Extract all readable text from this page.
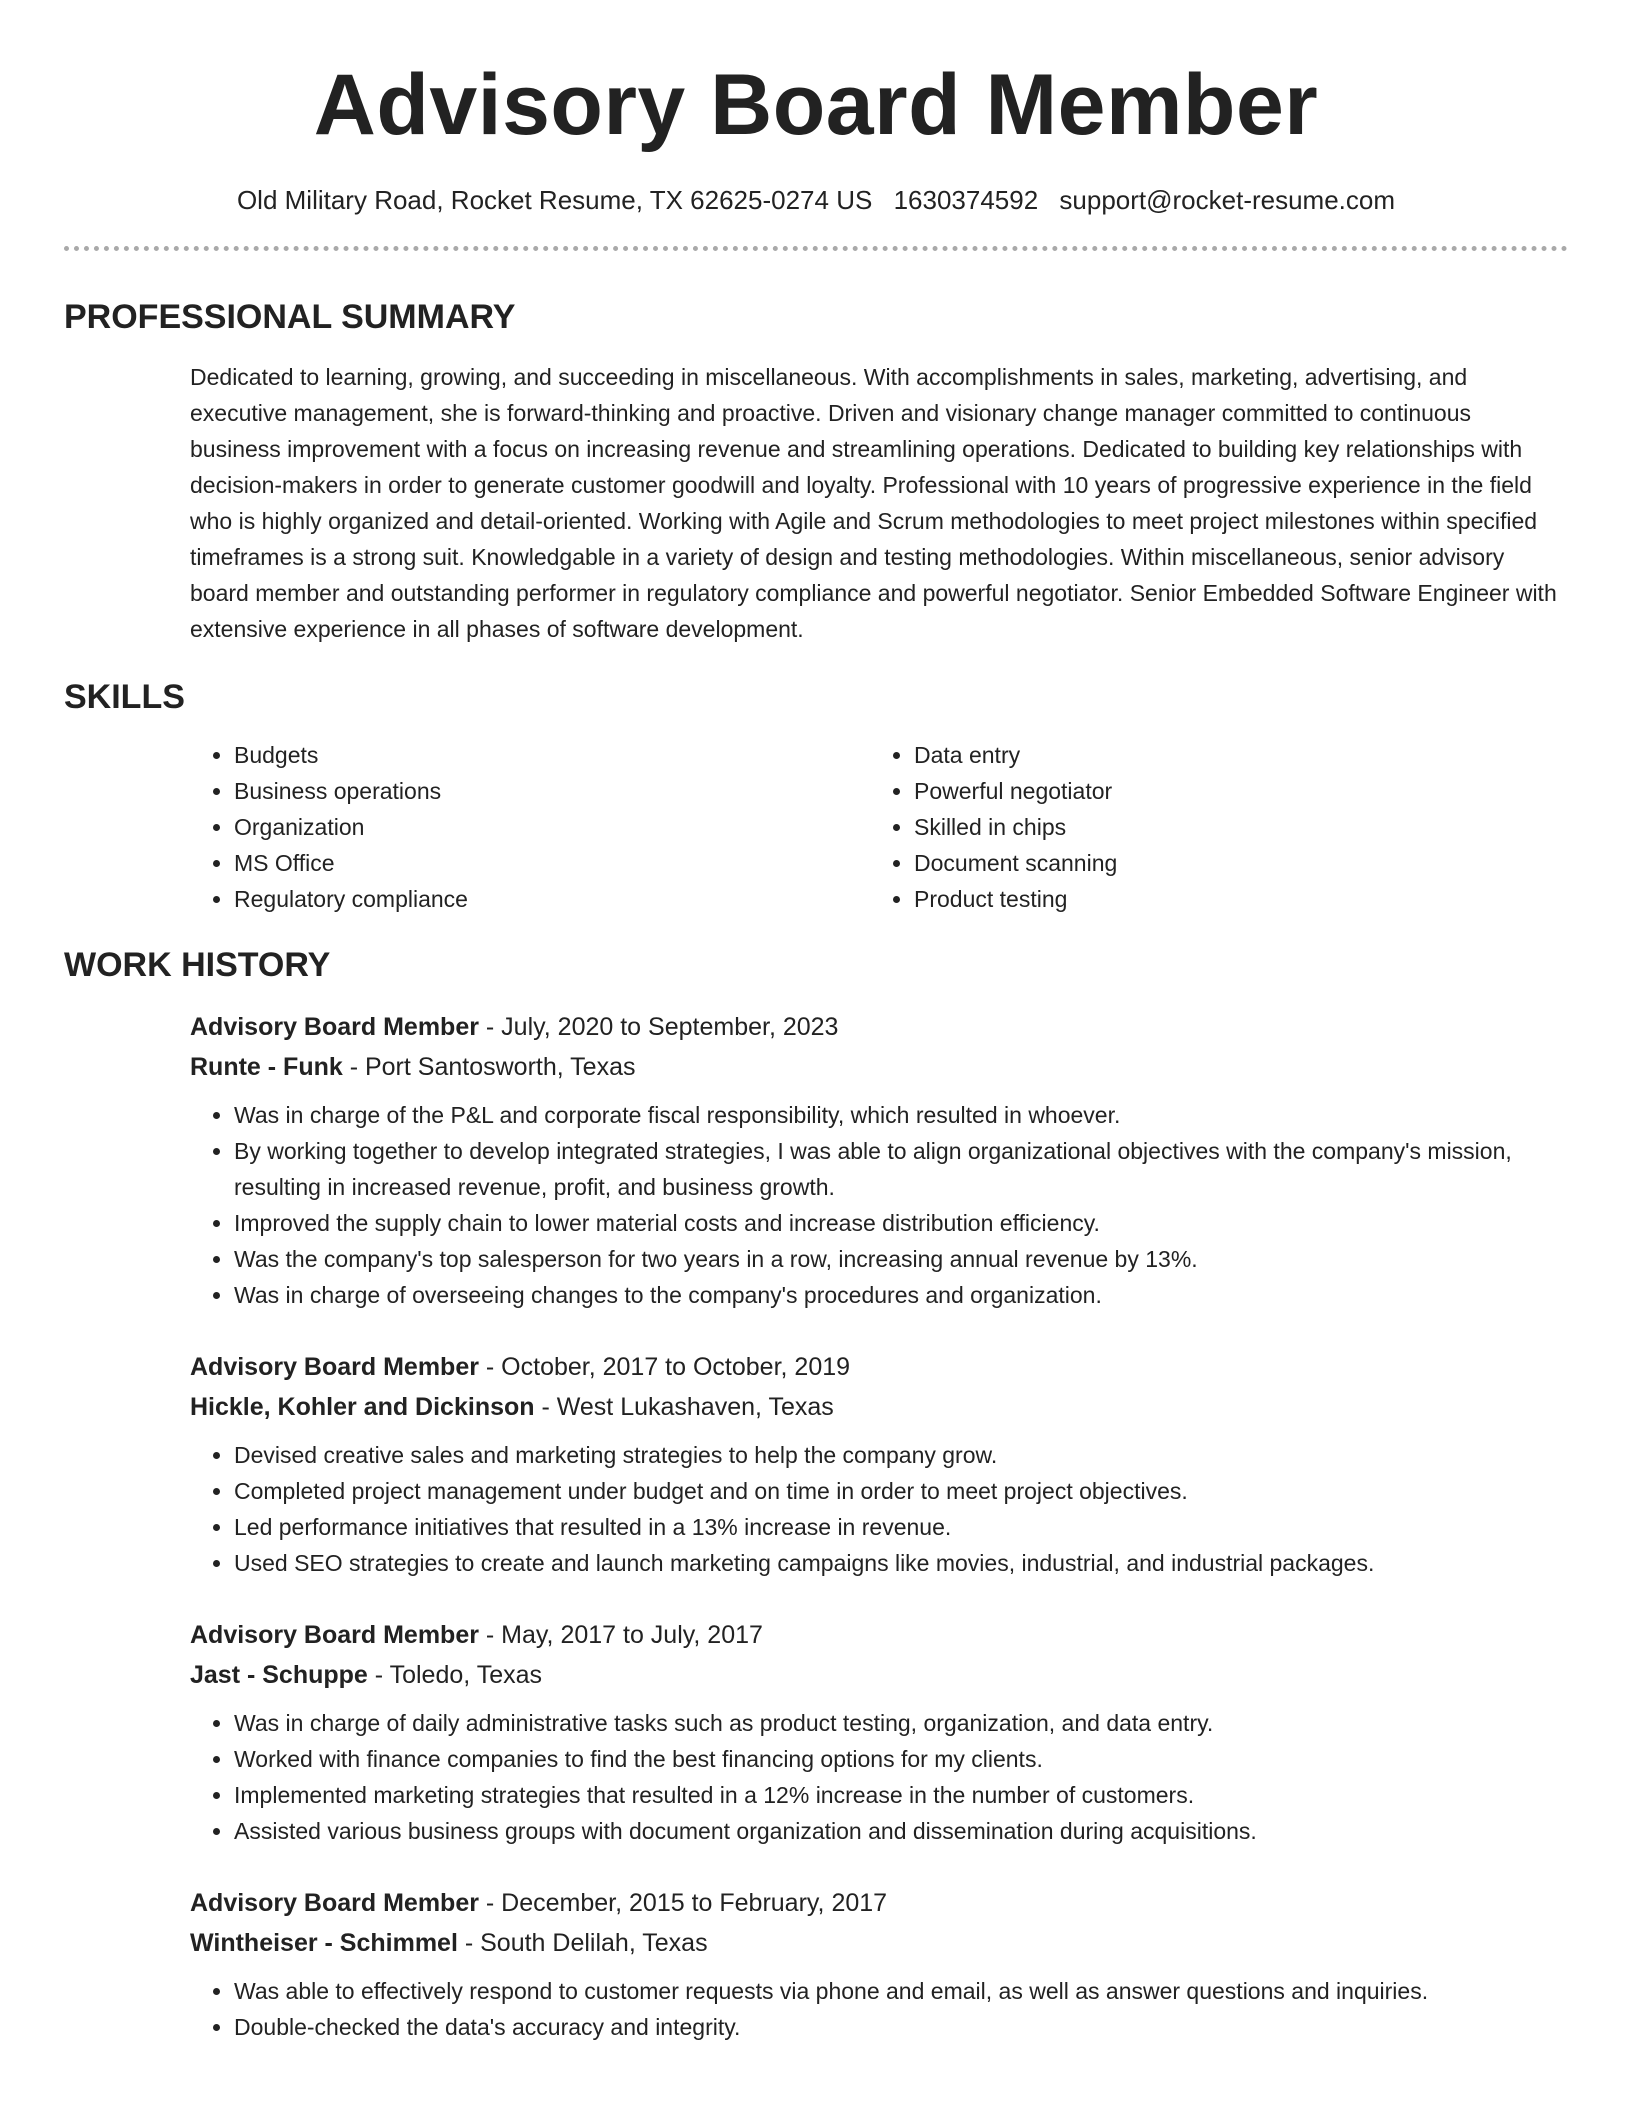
Advisory Board Member
Old Military Road, Rocket Resume, TX 62625-0274 US 1630374592 support@rocket-resume.com
PROFESSIONAL SUMMARY
Dedicated to learning, growing, and succeeding in miscellaneous. With accomplishments in sales, marketing, advertising, and executive management, she is forward-thinking and proactive. Driven and visionary change manager committed to continuous business improvement with a focus on increasing revenue and streamlining operations. Dedicated to building key relationships with decision-makers in order to generate customer goodwill and loyalty. Professional with 10 years of progressive experience in the field who is highly organized and detail-oriented. Working with Agile and Scrum methodologies to meet project milestones within specified timeframes is a strong suit. Knowledgable in a variety of design and testing methodologies. Within miscellaneous, senior advisory board member and outstanding performer in regulatory compliance and powerful negotiator. Senior Embedded Software Engineer with extensive experience in all phases of software development.
SKILLS
• Budgets
• Business operations
• Organization
• MS Office
• Regulatory compliance
• Data entry
• Powerful negotiator
• Skilled in chips
• Document scanning
• Product testing
WORK HISTORY
Advisory Board Member - July, 2020 to September, 2023
Runte - Funk - Port Santosworth, Texas
• Was in charge of the P&L and corporate fiscal responsibility, which resulted in whoever.
• By working together to develop integrated strategies, I was able to align organizational objectives with the company's mission, resulting in increased revenue, profit, and business growth.
• Improved the supply chain to lower material costs and increase distribution efficiency.
• Was the company's top salesperson for two years in a row, increasing annual revenue by 13%.
• Was in charge of overseeing changes to the company's procedures and organization.
Advisory Board Member - October, 2017 to October, 2019
Hickle, Kohler and Dickinson - West Lukashaven, Texas
• Devised creative sales and marketing strategies to help the company grow.
• Completed project management under budget and on time in order to meet project objectives.
• Led performance initiatives that resulted in a 13% increase in revenue.
• Used SEO strategies to create and launch marketing campaigns like movies, industrial, and industrial packages.
Advisory Board Member - May, 2017 to July, 2017
Jast - Schuppe - Toledo, Texas
• Was in charge of daily administrative tasks such as product testing, organization, and data entry.
• Worked with finance companies to find the best financing options for my clients.
• Implemented marketing strategies that resulted in a 12% increase in the number of customers.
• Assisted various business groups with document organization and dissemination during acquisitions.
Advisory Board Member - December, 2015 to February, 2017
Wintheiser - Schimmel - South Delilah, Texas
• Was able to effectively respond to customer requests via phone and email, as well as answer questions and inquiries.
• Double-checked the data's accuracy and integrity.
